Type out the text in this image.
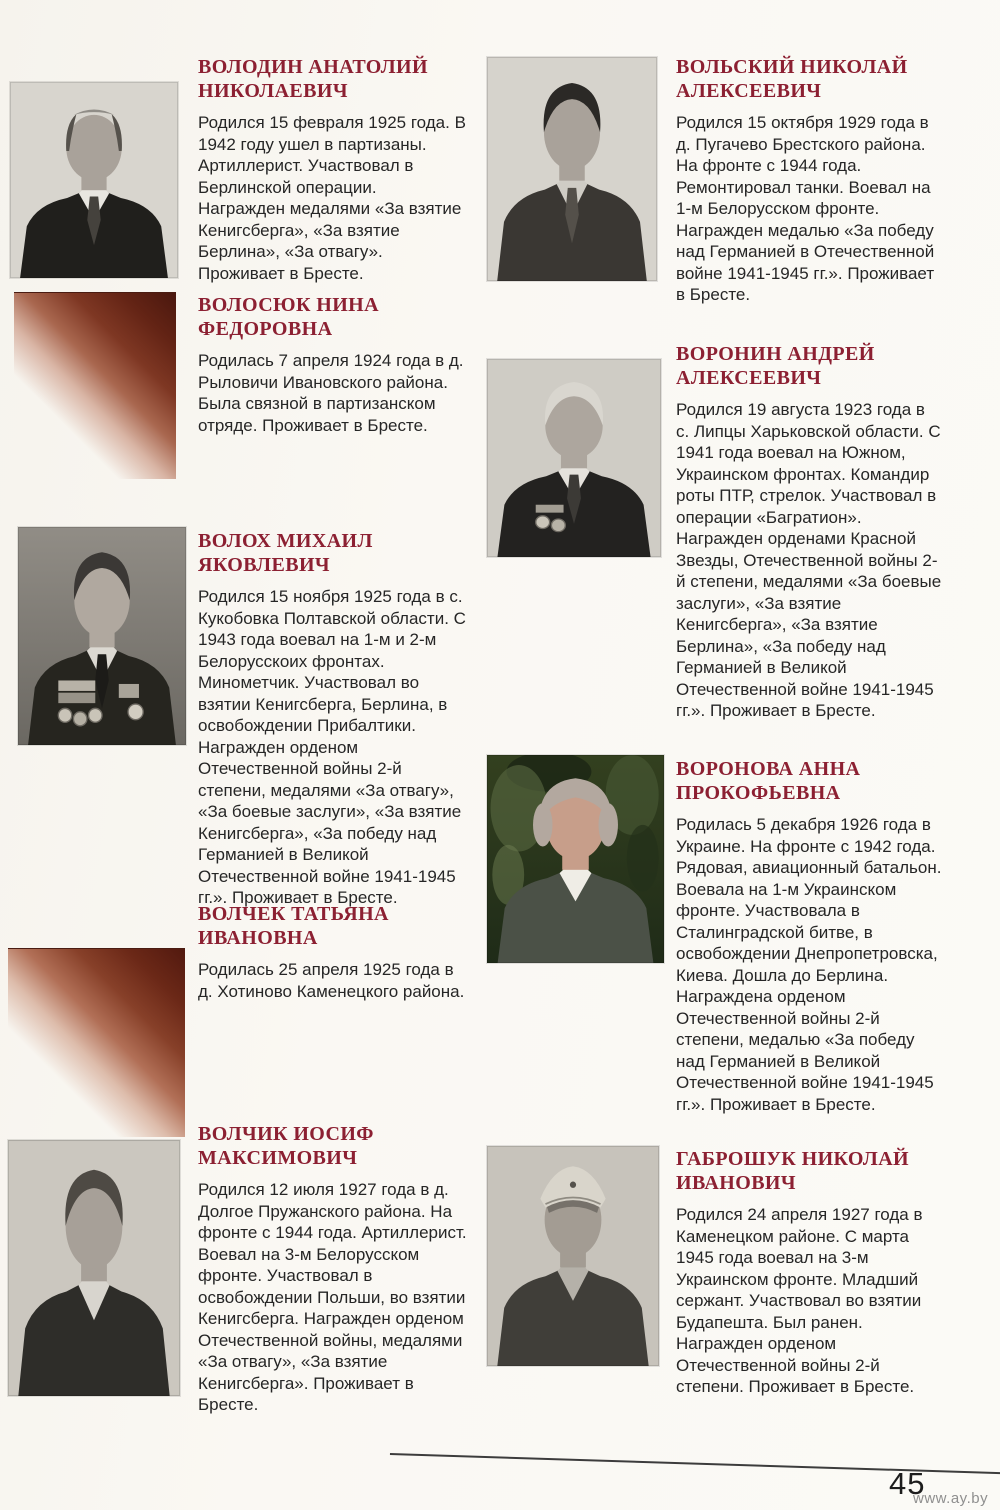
45
www.ay.by
ВОЛОДИН АНАТОЛИЙ
НИКОЛАЕВИЧ

Родился 15 февраля 1925 года. В 1942 году ушел в партизаны. Артиллерист. Участвовал в Берлинской операции. Награжден медалями «За взятие Кенигсберга», «За взятие Берлина», «За отвагу». Проживает в Бресте.

ВОЛОСЮК НИНА
ФЕДОРОВНА

Родилась 7 апреля 1924 года в д. Рыловичи Ивановского района. Была связной в партизанском отряде. Проживает в Бресте.

ВОЛОХ МИХАИЛ
ЯКОВЛЕВИЧ

Родился 15 ноября 1925 года в с. Кукобовка Полтавской области. С 1943 года воевал на 1-м и 2-м Белорусскоих фронтах. Минометчик. Участвовал во взятии Кенигсберга, Берлина, в освобождении Прибалтики. Награжден орденом Отечественной войны 2-й степени, медалями «За отвагу», «За боевые заслуги», «За взятие Кенигсберга», «За победу над Германией в Великой Отечественной войне 1941-1945 гг.». Проживает в Бресте.

ВОЛЧЕК ТАТЬЯНА
ИВАНОВНА

Родилась 25 апреля 1925 года в д. Хотиново Каменецкого района.

ВОЛЧИК ИОСИФ
МАКСИМОВИЧ

Родился 12 июля 1927 года в д. Долгое Пружанского района. На фронте с 1944 года. Артиллерист. Воевал на 3-м Белорусском фронте. Участвовал в освобождении Польши, во взятии Кенигсберга. Награжден орденом Отечественной войны, медалями «За отвагу», «За взятие Кенигсберга». Проживает в Бресте.

ВОЛЬСКИЙ НИКОЛАЙ
АЛЕКСЕЕВИЧ

Родился 15 октября 1929 года в д. Пугачево Брестского района. На фронте с 1944 года. Ремонтировал танки. Воевал на 1-м Белорусском фронте. Награжден медалью «За победу над Германией в Отечественной войне 1941-1945 гг.». Проживает в Бресте.

ВОРОНИН АНДРЕЙ
АЛЕКСЕЕВИЧ

Родился 19 августа 1923 года в с. Липцы Харьковской области. С 1941 года воевал на Южном, Украинском фронтах. Командир роты ПТР, стрелок. Участвовал в операции «Багратион». Награжден орденами Красной Звезды, Отечественной войны 2-й степени, медалями «За боевые заслуги», «За взятие Кенигсберга», «За взятие Берлина», «За победу над Германией в Великой Отечественной войне 1941-1945 гг.». Проживает в Бресте.

ВОРОНОВА АННА
ПРОКОФЬЕВНА

Родилась 5 декабря 1926 года в Украине. На фронте с 1942 года. Рядовая, авиационный батальон. Воевала на 1-м Украинском фронте. Участвовала в Сталинградской битве, в освобождении Днепропетровска, Киева. Дошла до Берлина. Награждена орденом Отечественной войны 2-й степени, медалью «За победу над Германией в Великой Отечественной войне 1941-1945 гг.». Проживает в Бресте.

ГАБРОШУК НИКОЛАЙ
ИВАНОВИЧ

Родился 24 апреля 1927 года в Каменецком районе. С марта 1945 года воевал на 3-м Украинском фронте. Младший сержант. Участвовал во взятии Будапешта. Был ранен. Награжден орденом Отечественной войны 2-й степени. Проживает в Бресте.
